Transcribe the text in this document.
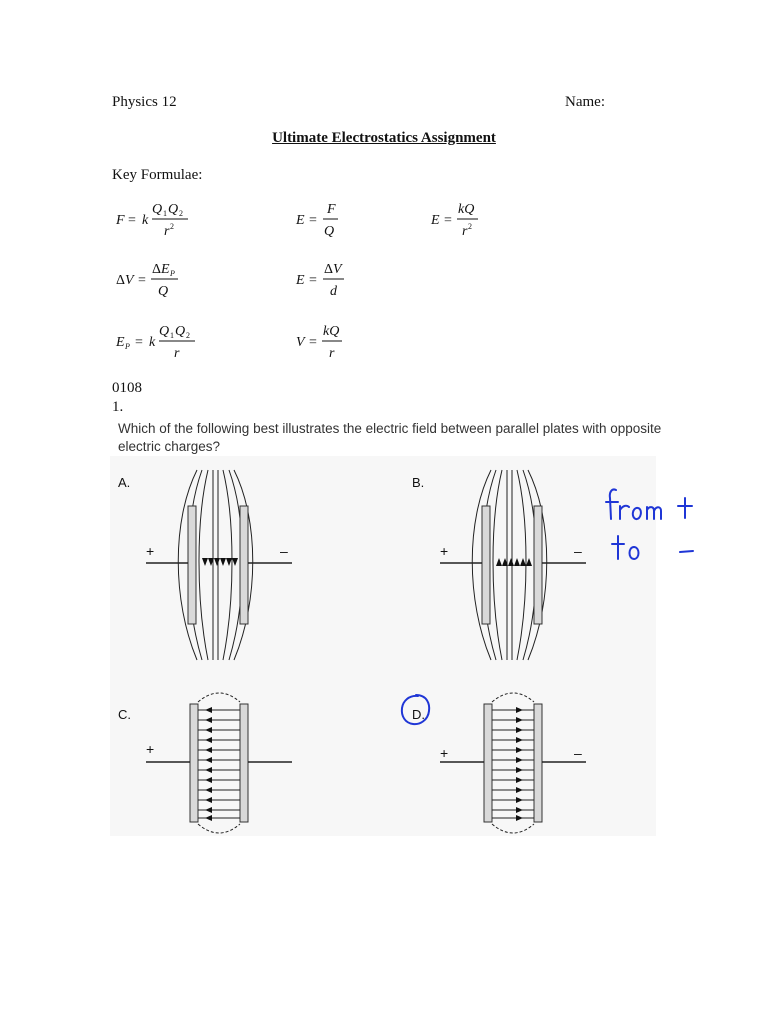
Physics 12	Name:
Ultimate Electrostatics Assignment
Key Formulae:
F = k
Q 1 Q 2
r 2	E =
F
Q
E =
kQ
r 2
Δ V =
Δ E P
Q
E =
Δ V
d
E P = k
Q 1 Q 2
r
V =
kQ
r
0108
1.
Which of the following best illustrates the electric field between parallel plates with opposite
electric charges?
A.
+	–
B.
+	–
C.
+
D.
+	–
